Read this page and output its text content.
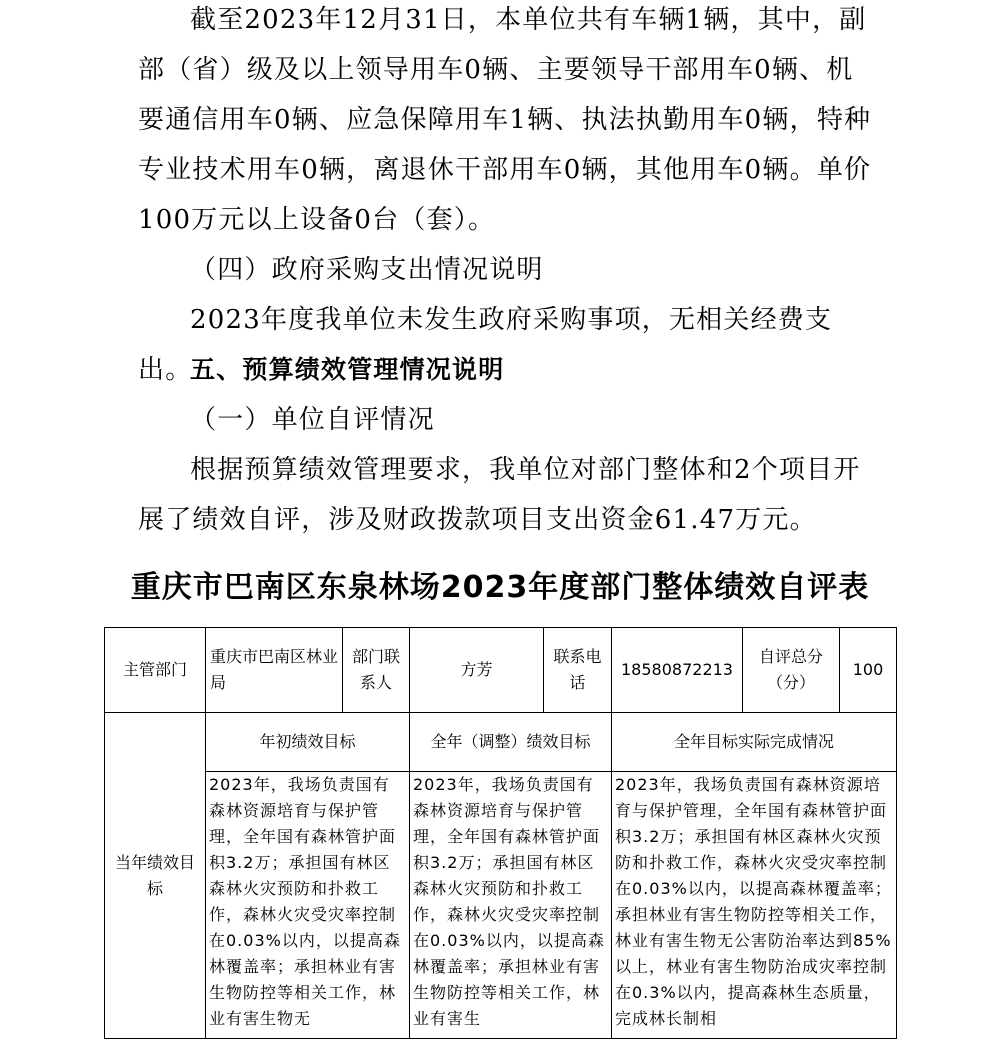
截至2023年12月31日，本单位共有车辆1辆，其中，副部（省）级及以上领导用车0辆、主要领导干部用车0辆、机要通信用车0辆、应急保障用车1辆、执法执勤用车0辆，特种专业技术用车0辆，离退休干部用车0辆，其他用车0辆。单价100万元以上设备0台（套）。

（四）政府采购支出情况说明

2023年度我单位未发生政府采购事项，无相关经费支出。

五、预算绩效管理情况说明

（一）单位自评情况

根据预算绩效管理要求，我单位对部门整体和2个项目开展了绩效自评，涉及财政拨款项目支出资金61.47万元。

重庆市巴南区东泉林场2023年度部门整体绩效自评表
主管部门	重庆市巴南区林业局	部门联系人	方芳	联系电话	18580872213	自评总分（分）	100
当年绩效目标	年初绩效目标		全年（调整）绩效目标		全年目标实际完成情况		

	2023年，我场负责国有森林资源培育与保护管理，全年国有森林管护面积3.2万；承担国有林区森林火灾预防和扑救工作，森林火灾受灾率控制在0.03%以内，以提高森林覆盖率；承担林业有害生物防控等相关工作，林业有害生物无		2023年，我场负责国有森林资源培育与保护管理，全年国有森林管护面积3.2万；承担国有林区森林火灾预防和扑救工作，森林火灾受灾率控制在0.03%以内，以提高森林覆盖率；承担林业有害生物防控等相关工作，林业有害生		2023年，我场负责国有森林资源培育与保护管理，全年国有森林管护面积3.2万；承担国有林区森林火灾预防和扑救工作，森林火灾受灾率控制在0.03%以内，以提高森林覆盖率；承担林业有害生物防控等相关工作，林业有害生物无公害防治率达到85%以上，林业有害生物防治成灾率控制在0.3%以内，提高森林生态质量，完成林长制相		
